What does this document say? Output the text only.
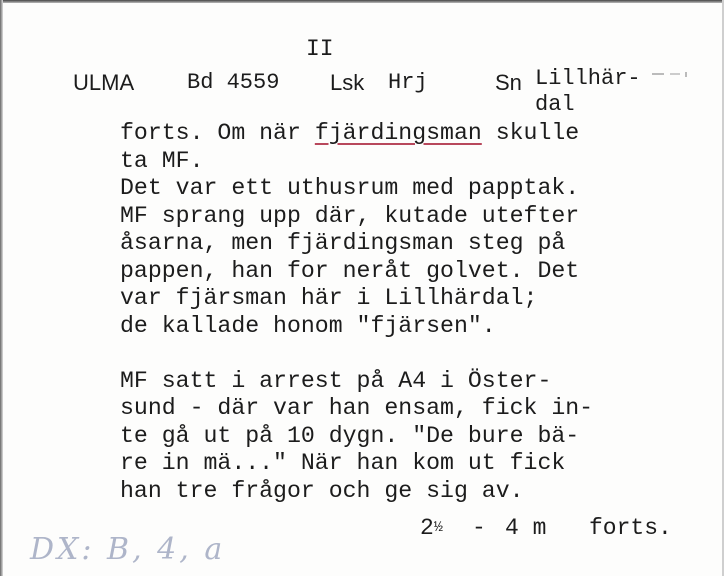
II
ULMA Bd 4559 Lsk Hrj	Sn Lillhär-
dal
forts. Om när fjärdingsman skulle
ta MF.
Det var ett uthusrum med papptak.
MF sprang upp där, kutade utefter
åsarna, men fjärdingsman steg på
pappen, han for neråt golvet. Det
var fjärsman här i Lillhärdal;
de kallade honom "fjärsen".
MF satt i arrest på A4 i Öster-
sund - där var han ensam, fick in-
te gå ut på 10 dygn. "De bure bä-
re in mä..." När han kom ut fick
han tre frågor och ge sig av.
2½ - 4 m forts.
DX: B, 4, a
